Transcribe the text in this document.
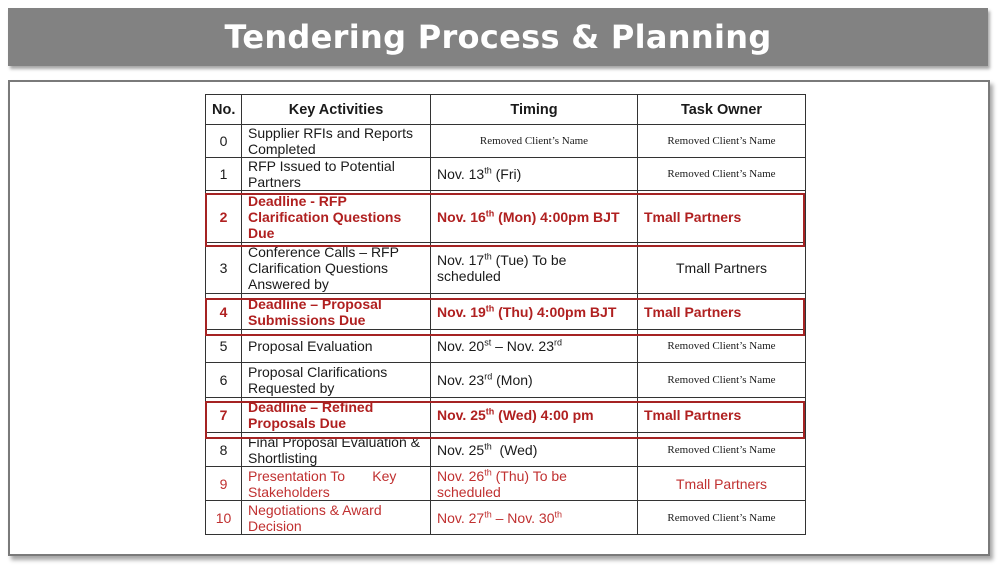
Tendering Process & Planning
No.	Key Activities	Timing	Task Owner
0	Supplier RFIs and Reports Completed	Removed Client’s Name	Removed Client’s Name
1	RFP Issued to Potential Partners	Nov. 13th (Fri)	Removed Client’s Name
2	Deadline - RFP Clarification Questions Due	Nov. 16th (Mon) 4:00pm BJT	Tmall Partners
3	Conference Calls – RFP Clarification Questions Answered by	Nov. 17th (Tue) To be scheduled	Tmall Partners
4	Deadline – Proposal Submissions Due	Nov. 19th (Thu) 4:00pm BJT	Tmall Partners
5	Proposal Evaluation	Nov. 20st – Nov. 23rd	Removed Client’s Name
6	Proposal Clarifications Requested by	Nov. 23rd (Mon)	Removed Client’s Name
7	Deadline – Refined Proposals Due	Nov. 25th (Wed) 4:00 pm	Tmall Partners
8	Final Proposal Evaluation & Shortlisting	Nov. 25th  (Wed)	Removed Client’s Name
9	Presentation To       Key Stakeholders	Nov. 26th (Thu) To be scheduled	Tmall Partners
10	Negotiations & Award Decision	Nov. 27th – Nov. 30th	Removed Client’s Name
